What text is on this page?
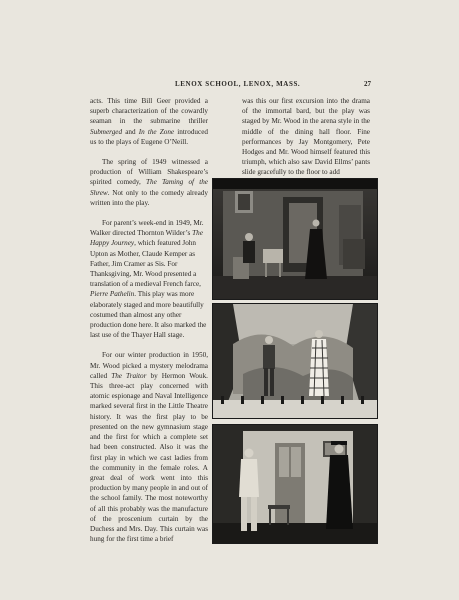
LENOX SCHOOL, LENOX, MASS.	27

acts. This time Bill Geer provided a superb characterization of the cowardly seaman in the submarine thriller Submerged and In the Zone introduced us to the plays of Eugene O’Neill.

The spring of 1949 witnessed a production of William Shakespeare’s spirited comedy, The Taming of the Shrew. Not only to the comedy already written into the play.

For parent’s week-end in 1949, Mr. Walker directed Thornton Wilder’s The Happy Journey, which featured John Upton as Mother, Claude Kemper as Father, Jim Cramer as Sis. For Thanksgiving, Mr. Wood presented a translation of a medieval French farce, Pierre Pathelin. This play was more elaborately staged and more beautifully costumed than almost any other production done here. It also marked the last use of the Thayer Hall stage.

For our winter production in 1950, Mr. Wood picked a mystery melodrama called The Traitor by Hermon Wouk. This three-act play concerned with atomic espionage and Naval Intelligence marked several first in the Little Theatre history. It was the first play to be presented on the new gymnasium stage and the first for which a complete set had been constructed. Also it was the first play in which we cast ladies from the community in the female roles. A great deal of work went into this production by many people in and out of the school family. The most noteworthy of all this probably was the manufacture of the proscenium curtain by the Duchess and Mrs. Day. This curtain was hung for the first time a brief

was this our first excursion into the drama of the immortal bard, but the play was staged by Mr. Wood in the arena style in the middle of the dining hall floor. Fine performances by Jay Montgomery, Pete Hodges and Mr. Wood himself featured this triumph, which also saw David Ellms’ pants slide gracefully to the floor to add
